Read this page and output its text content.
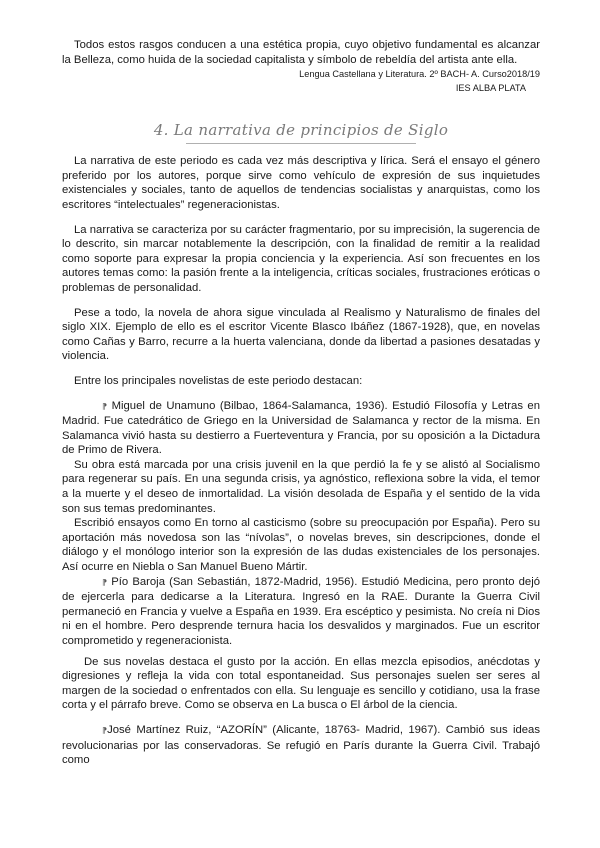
Todos estos rasgos conducen a una estética propia, cuyo objetivo fundamental es alcanzar la Belleza, como huida de la sociedad capitalista y símbolo de rebeldía del artista ante ella.

Lengua Castellana y Literatura. 2º BACH- A. Curso2018/19
IES ALBA PLATA
4. La narrativa de principios de Siglo

La narrativa de este periodo es cada vez más descriptiva y lírica. Será el ensayo el género preferido por los autores, porque sirve como vehículo de expresión de sus inquietudes existenciales y sociales, tanto de aquellos de tendencias socialistas y anarquistas, como los escritores “intelectuales” regeneracionistas.

La narrativa se caracteriza por su carácter fragmentario, por su imprecisión, la sugerencia de lo descrito, sin marcar notablemente la descripción, con la finalidad de remitir a la realidad como soporte para expresar la propia conciencia y la experiencia. Así son frecuentes en los autores temas como: la pasión frente a la inteligencia, críticas sociales, frustraciones eróticas o problemas de personalidad.

Pese a todo, la novela de ahora sigue vinculada al Realismo y Naturalismo de finales del siglo XIX. Ejemplo de ello es el escritor Vicente Blasco Ibáñez (1867-1928), que, en novelas como Cañas y Barro, recurre a la huerta valenciana, donde da libertad a pasiones desatadas y violencia.

Entre los principales novelistas de este periodo destacan:

⁋ Miguel de Unamuno (Bilbao, 1864-Salamanca, 1936). Estudió Filosofía y Letras en Madrid. Fue catedrático de Griego en la Universidad de Salamanca y rector de la misma. En Salamanca vivió hasta su destierro a Fuerteventura y Francia, por su oposición a la Dictadura de Primo de Rivera.

Su obra está marcada por una crisis juvenil en la que perdió la fe y se alistó al Socialismo para regenerar su país. En una segunda crisis, ya agnóstico, reflexiona sobre la vida, el temor a la muerte y el deseo de inmortalidad. La visión desolada de España y el sentido de la vida son sus temas predominantes.

Escribió ensayos como En torno al casticismo (sobre su preocupación por España). Pero su aportación más novedosa son las “nívolas”, o novelas breves, sin descripciones, donde el diálogo y el monólogo interior son la expresión de las dudas existenciales de los personajes. Así ocurre en Niebla o San Manuel Bueno Mártir.

⁋ Pío Baroja (San Sebastián, 1872-Madrid, 1956). Estudió Medicina, pero pronto dejó de ejercerla para dedicarse a la Literatura. Ingresó en la RAE. Durante la Guerra Civil permaneció en Francia y vuelve a España en 1939. Era escéptico y pesimista. No creía ni Dios ni en el hombre. Pero desprende ternura hacia los desvalidos y marginados. Fue un escritor comprometido y regeneracionista.

De sus novelas destaca el gusto por la acción. En ellas mezcla episodios, anécdotas y digresiones y refleja la vida con total espontaneidad. Sus personajes suelen ser seres al margen de la sociedad o enfrentados con ella. Su lenguaje es sencillo y cotidiano, usa la frase corta y el párrafo breve. Como se observa en La busca o El árbol de la ciencia.

⁋José Martínez Ruiz, “AZORÍN” (Alicante, 18763- Madrid, 1967). Cambió sus ideas revolucionarias por las conservadoras. Se refugió en París durante la Guerra Civil. Trabajó como
